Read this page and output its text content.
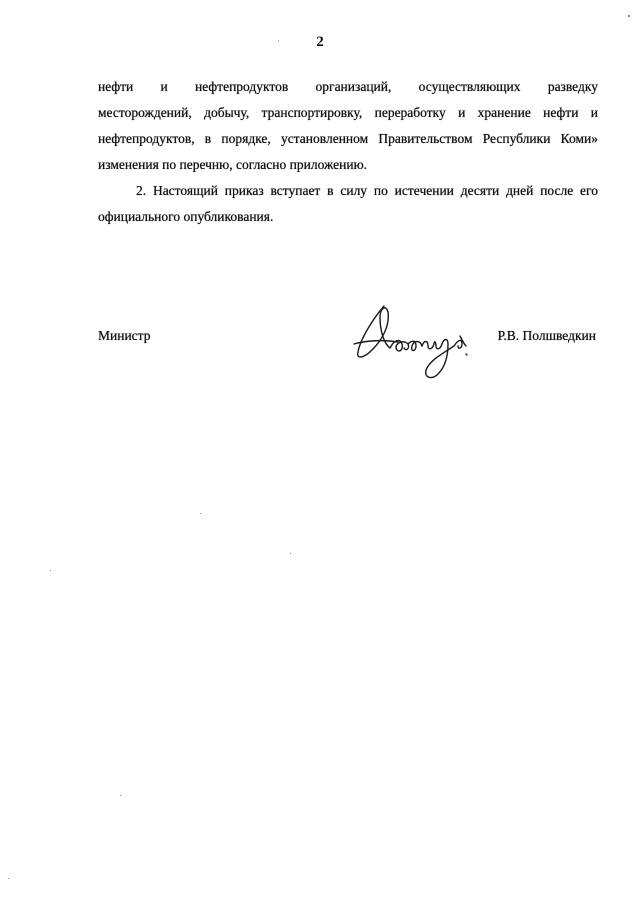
2
нефти и нефтепродуктов организаций, осуществляющих разведку
месторождений, добычу, транспортировку, переработку и хранение нефти и
нефтепродуктов, в порядке, установленном Правительством Республики Коми»
изменения по перечню, согласно приложению.
2. Настоящий приказ вступает в силу по истечении десяти дней после его
официального опубликования.
Министр	Р.В. Полшведкин
